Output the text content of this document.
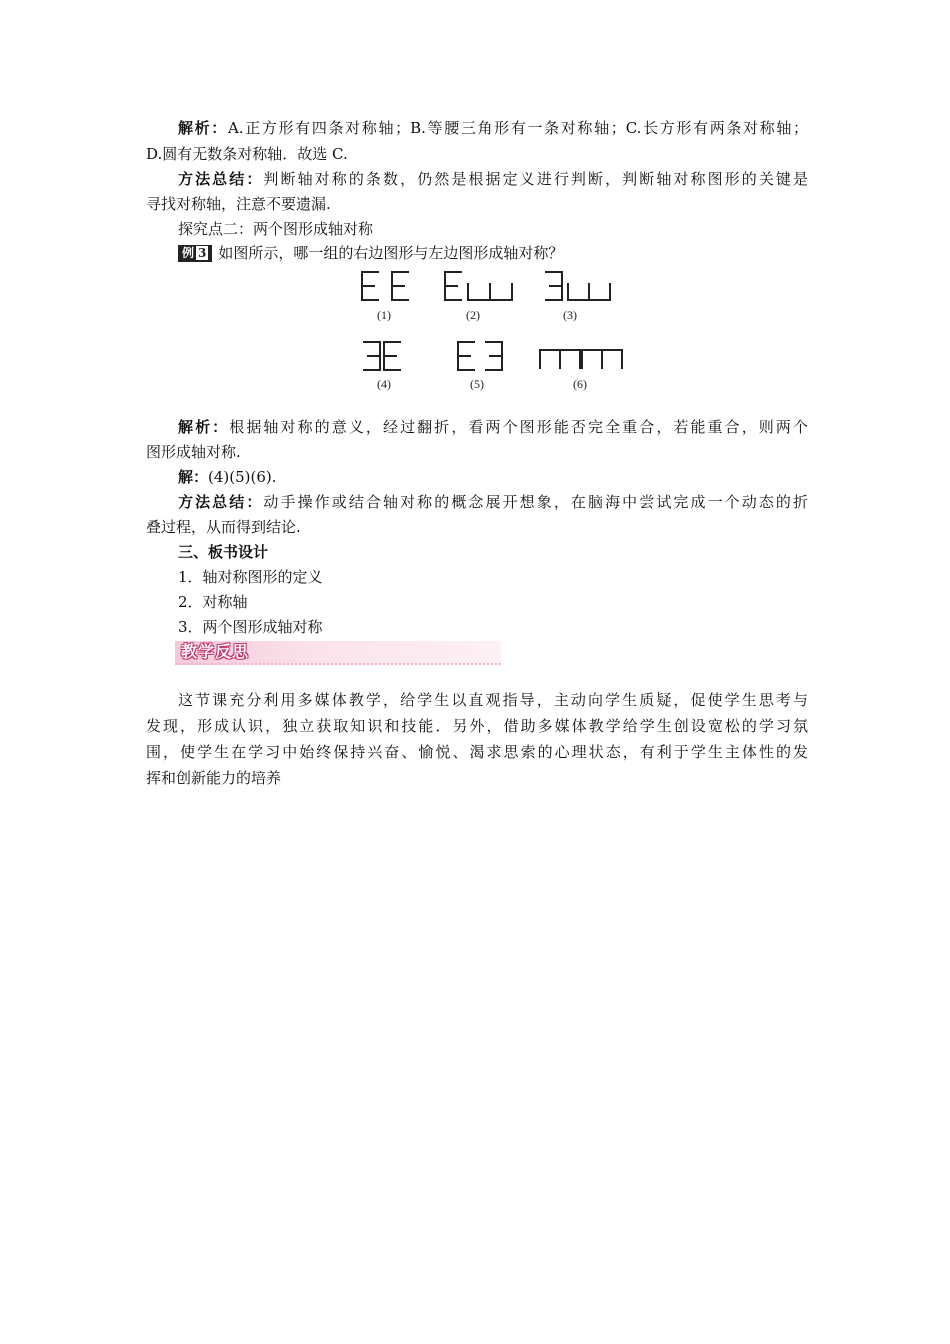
解析：A.正方形有四条对称轴；B.等腰三角形有一条对称轴；C.长方形有两条对称轴；
D.圆有无数条对称轴．故选 C.
方法总结：判断轴对称的条数，仍然是根据定义进行判断，判断轴对称图形的关键是
寻找对称轴，注意不要遗漏.
探究点二：两个图形成轴对称
例 3 如图所示，哪一组的右边图形与左边图形成轴对称？
(1)	(2)	(3)
(4)	(5)	(6)
解析：根据轴对称的意义，经过翻折，看两个图形能否完全重合，若能重合，则两个
图形成轴对称.
解：(4)(5)(6).
方法总结：动手操作或结合轴对称的概念展开想象，在脑海中尝试完成一个动态的折
叠过程，从而得到结论.
三、板书设计
1．轴对称图形的定义
2．对称轴
3．两个图形成轴对称
教学反思
这节课充分利用多媒体教学，给学生以直观指导，主动向学生质疑，促使学生思考与
发现，形成认识，独立获取知识和技能．另外，借助多媒体教学给学生创设宽松的学习氛
围，使学生在学习中始终保持兴奋、愉悦、渴求思索的心理状态，有利于学生主体性的发
挥和创新能力的培养
